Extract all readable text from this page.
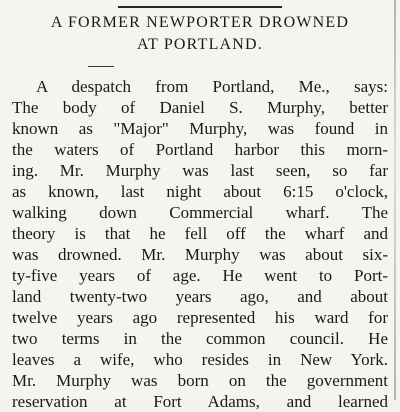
A FORMER NEWPORTER DROWNED
AT PORTLAND.
A despatch from Portland, Me., says:
The body of Daniel S. Murphy, better
known as "Major" Murphy, was found in
the waters of Portland harbor this morn-
ing. Mr. Murphy was last seen, so far
as known, last night about 6:15 o'clock,
walking down Commercial wharf. The
theory is that he fell off the wharf and
was drowned. Mr. Murphy was about six-
ty-five years of age. He went to Port-
land twenty-two years ago, and about
twelve years ago represented his ward for
two terms in the common council. He
leaves a wife, who resides in New York.
Mr. Murphy was born on the government
reservation at Fort Adams, and learned
